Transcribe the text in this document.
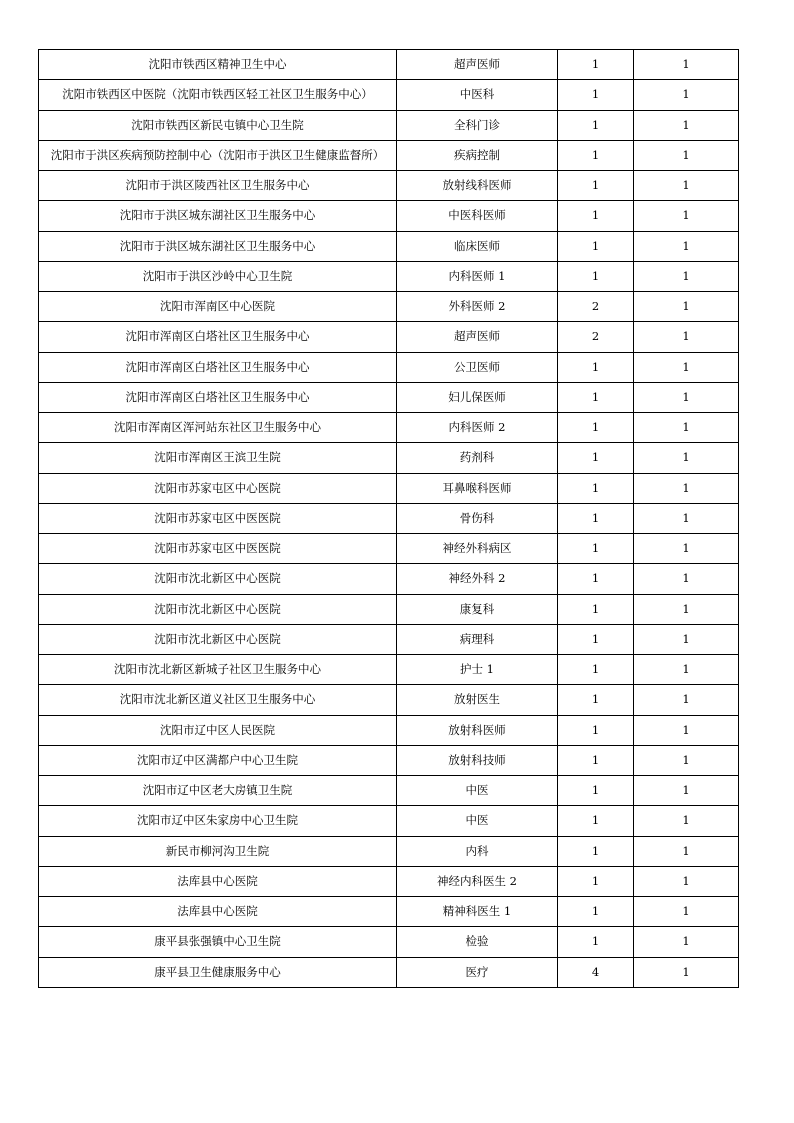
沈阳市铁西区精神卫生中心	超声医师	1	1
沈阳市铁西区中医院（沈阳市铁西区轻工社区卫生服务中心）	中医科	1	1
沈阳市铁西区新民屯镇中心卫生院	全科门诊	1	1
沈阳市于洪区疾病预防控制中心（沈阳市于洪区卫生健康监督所）	疾病控制	1	1
沈阳市于洪区陵西社区卫生服务中心	放射线科医师	1	1
沈阳市于洪区城东湖社区卫生服务中心	中医科医师	1	1
沈阳市于洪区城东湖社区卫生服务中心	临床医师	1	1
沈阳市于洪区沙岭中心卫生院	内科医师 1	1	1
沈阳市浑南区中心医院	外科医师 2	2	1
沈阳市浑南区白塔社区卫生服务中心	超声医师	2	1
沈阳市浑南区白塔社区卫生服务中心	公卫医师	1	1
沈阳市浑南区白塔社区卫生服务中心	妇儿保医师	1	1
沈阳市浑南区浑河站东社区卫生服务中心	内科医师 2	1	1
沈阳市浑南区王滨卫生院	药剂科	1	1
沈阳市苏家屯区中心医院	耳鼻喉科医师	1	1
沈阳市苏家屯区中医医院	骨伤科	1	1
沈阳市苏家屯区中医医院	神经外科病区	1	1
沈阳市沈北新区中心医院	神经外科 2	1	1
沈阳市沈北新区中心医院	康复科	1	1
沈阳市沈北新区中心医院	病理科	1	1
沈阳市沈北新区新城子社区卫生服务中心	护士 1	1	1
沈阳市沈北新区道义社区卫生服务中心	放射医生	1	1
沈阳市辽中区人民医院	放射科医师	1	1
沈阳市辽中区满都户中心卫生院	放射科技师	1	1
沈阳市辽中区老大房镇卫生院	中医	1	1
沈阳市辽中区朱家房中心卫生院	中医	1	1
新民市柳河沟卫生院	内科	1	1
法库县中心医院	神经内科医生 2	1	1
法库县中心医院	精神科医生 1	1	1
康平县张强镇中心卫生院	检验	1	1
康平县卫生健康服务中心	医疗	4	1
